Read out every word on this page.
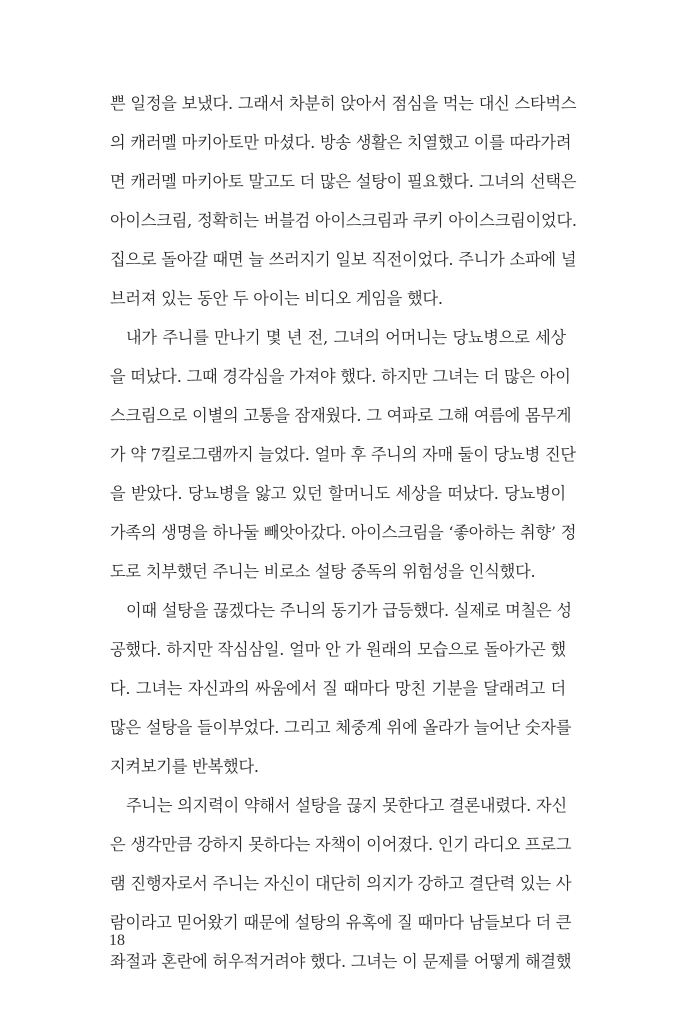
쁜 일정을 보냈다. 그래서 차분히 앉아서 점심을 먹는 대신 스타벅스
의 캐러멜 마키아토만 마셨다. 방송 생활은 치열했고 이를 따라가려
면 캐러멜 마키아토 말고도 더 많은 설탕이 필요했다. 그녀의 선택은
아이스크림, 정확히는 버블검 아이스크림과 쿠키 아이스크림이었다.
집으로 돌아갈 때면 늘 쓰러지기 일보 직전이었다. 주니가 소파에 널
브러져 있는 동안 두 아이는 비디오 게임을 했다.
내가 주니를 만나기 몇 년 전, 그녀의 어머니는 당뇨병으로 세상
을 떠났다. 그때 경각심을 가져야 했다. 하지만 그녀는 더 많은 아이
스크림으로 이별의 고통을 잠재웠다. 그 여파로 그해 여름에 몸무게
가 약 7킬로그램까지 늘었다. 얼마 후 주니의 자매 둘이 당뇨병 진단
을 받았다. 당뇨병을 앓고 있던 할머니도 세상을 떠났다. 당뇨병이
가족의 생명을 하나둘 빼앗아갔다. 아이스크림을 ‘좋아하는 취향’ 정
도로 치부했던 주니는 비로소 설탕 중독의 위험성을 인식했다.
이때 설탕을 끊겠다는 주니의 동기가 급등했다. 실제로 며칠은 성
공했다. 하지만 작심삼일. 얼마 안 가 원래의 모습으로 돌아가곤 했
다. 그녀는 자신과의 싸움에서 질 때마다 망친 기분을 달래려고 더
많은 설탕을 들이부었다. 그리고 체중계 위에 올라가 늘어난 숫자를
지켜보기를 반복했다.
주니는 의지력이 약해서 설탕을 끊지 못한다고 결론내렸다. 자신
은 생각만큼 강하지 못하다는 자책이 이어졌다. 인기 라디오 프로그
램 진행자로서 주니는 자신이 대단히 의지가 강하고 결단력 있는 사
람이라고 믿어왔기 때문에 설탕의 유혹에 질 때마다 남들보다 더 큰
좌절과 혼란에 허우적거려야 했다. 그녀는 이 문제를 어떻게 해결했
18
